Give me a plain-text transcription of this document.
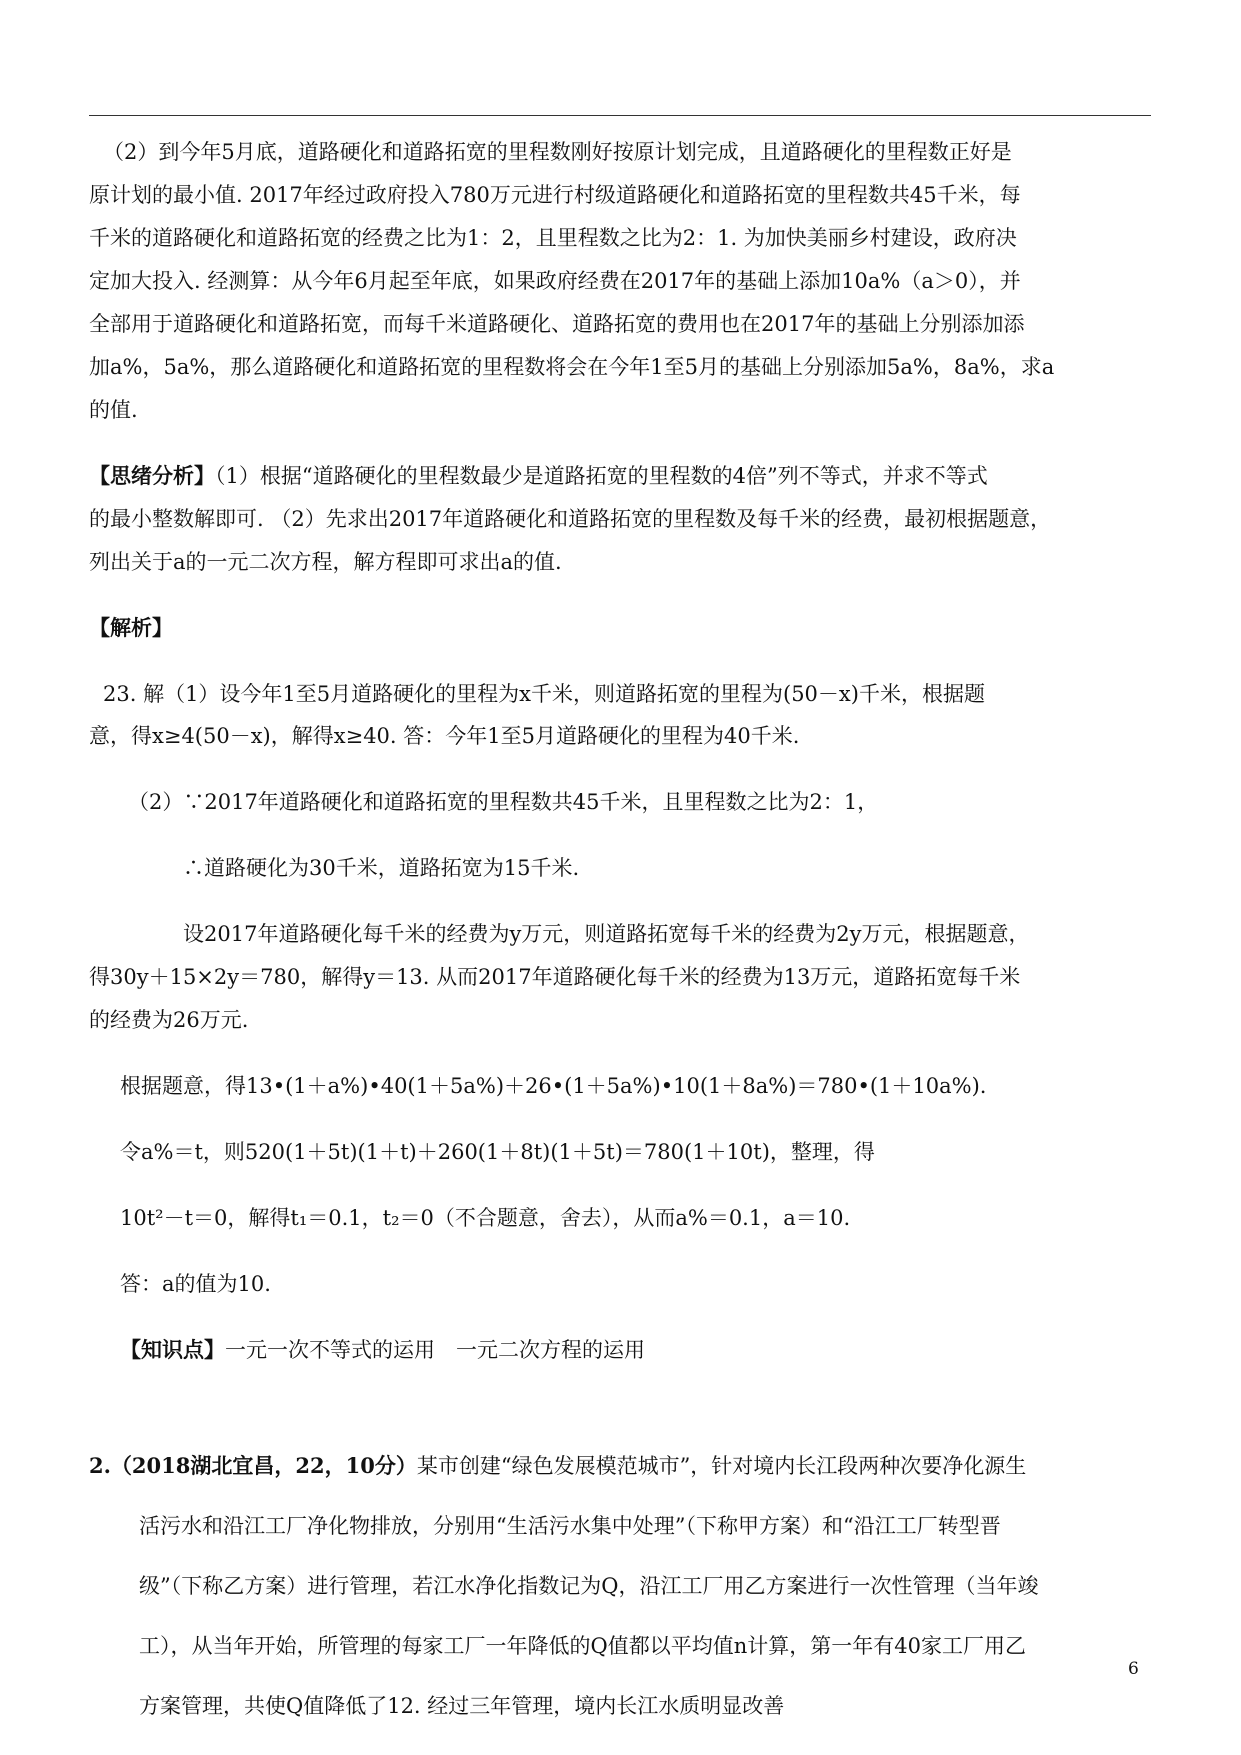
（2）到今年5月底，道路硬化和道路拓宽的里程数刚好按原计划完成，且道路硬化的里程数正好是
原计划的最小值. 2017年经过政府投入780万元进行村级道路硬化和道路拓宽的里程数共45千米，每
千米的道路硬化和道路拓宽的经费之比为1：2，且里程数之比为2：1. 为加快美丽乡村建设，政府决
定加大投入. 经测算：从今年6月起至年底，如果政府经费在2017年的基础上添加10a%（a＞0），并
全部用于道路硬化和道路拓宽，而每千米道路硬化、道路拓宽的费用也在2017年的基础上分别添加添
加a%，5a%，那么道路硬化和道路拓宽的里程数将会在今年1至5月的基础上分别添加5a%，8a%，求a
的值.
【思绪分析】（1）根据“道路硬化的里程数最少是道路拓宽的里程数的4倍”列不等式，并求不等式
的最小整数解即可. （2）先求出2017年道路硬化和道路拓宽的里程数及每千米的经费，最初根据题意，
列出关于a的一元二次方程，解方程即可求出a的值.
【解析】
23. 解（1）设今年1至5月道路硬化的里程为x千米，则道路拓宽的里程为(50－x)千米，根据题
意，得x≥4(50－x)，解得x≥40. 答：今年1至5月道路硬化的里程为40千米.
（2）∵2017年道路硬化和道路拓宽的里程数共45千米，且里程数之比为2：1，
∴道路硬化为30千米，道路拓宽为15千米.
设2017年道路硬化每千米的经费为y万元，则道路拓宽每千米的经费为2y万元，根据题意，
得30y＋15×2y＝780，解得y＝13. 从而2017年道路硬化每千米的经费为13万元，道路拓宽每千米
的经费为26万元.
根据题意，得13•(1＋a%)•40(1＋5a%)＋26•(1＋5a%)•10(1＋8a%)＝780•(1＋10a%).
令a%＝t，则520(1＋5t)(1＋t)＋260(1＋8t)(1＋5t)＝780(1＋10t)，整理，得
10t²－t＝0，解得t₁＝0.1，t₂＝0（不合题意，舍去），从而a%＝0.1，a＝10.
答：a的值为10.
【知识点】一元一次不等式的运用　一元二次方程的运用
2.（2018湖北宜昌，22，10分）某市创建“绿色发展模范城市”，针对境内长江段两种次要净化源生
活污水和沿江工厂净化物排放，分别用“生活污水集中处理”（下称甲方案）和“沿江工厂转型晋
级”（下称乙方案）进行管理，若江水净化指数记为Q，沿江工厂用乙方案进行一次性管理（当年竣
工），从当年开始，所管理的每家工厂一年降低的Q值都以平均值n计算，第一年有40家工厂用乙
方案管理，共使Q值降低了12. 经过三年管理，境内长江水质明显改善
6
